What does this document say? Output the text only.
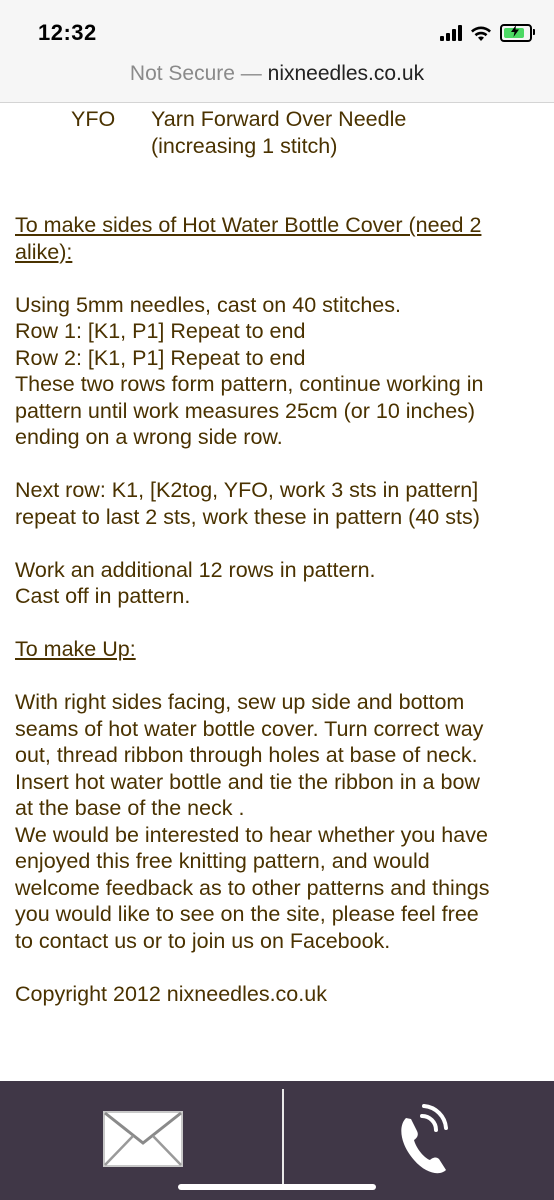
12:32
Not Secure — nixneedles.co.uk
YFO	Yarn Forward Over Needle
(increasing 1 stitch)
To make sides of Hot Water Bottle Cover (need 2
alike):
Using 5mm needles, cast on 40 stitches.
Row 1: [K1, P1] Repeat to end
Row 2: [K1, P1] Repeat to end
These two rows form pattern, continue working in
pattern until work measures 25cm (or 10 inches)
ending on a wrong side row.
Next row: K1, [K2tog, YFO, work 3 sts in pattern]
repeat to last 2 sts, work these in pattern (40 sts)
Work an additional 12 rows in pattern.
Cast off in pattern.
To make Up:
With right sides facing, sew up side and bottom
seams of hot water bottle cover. Turn correct way
out, thread ribbon through holes at base of neck.
Insert hot water bottle and tie the ribbon in a bow
at the base of the neck .
We would be interested to hear whether you have
enjoyed this free knitting pattern, and would
welcome feedback as to other patterns and things
you would like to see on the site, please feel free
to contact us or to join us on Facebook.
Copyright 2012 nixneedles.co.uk
